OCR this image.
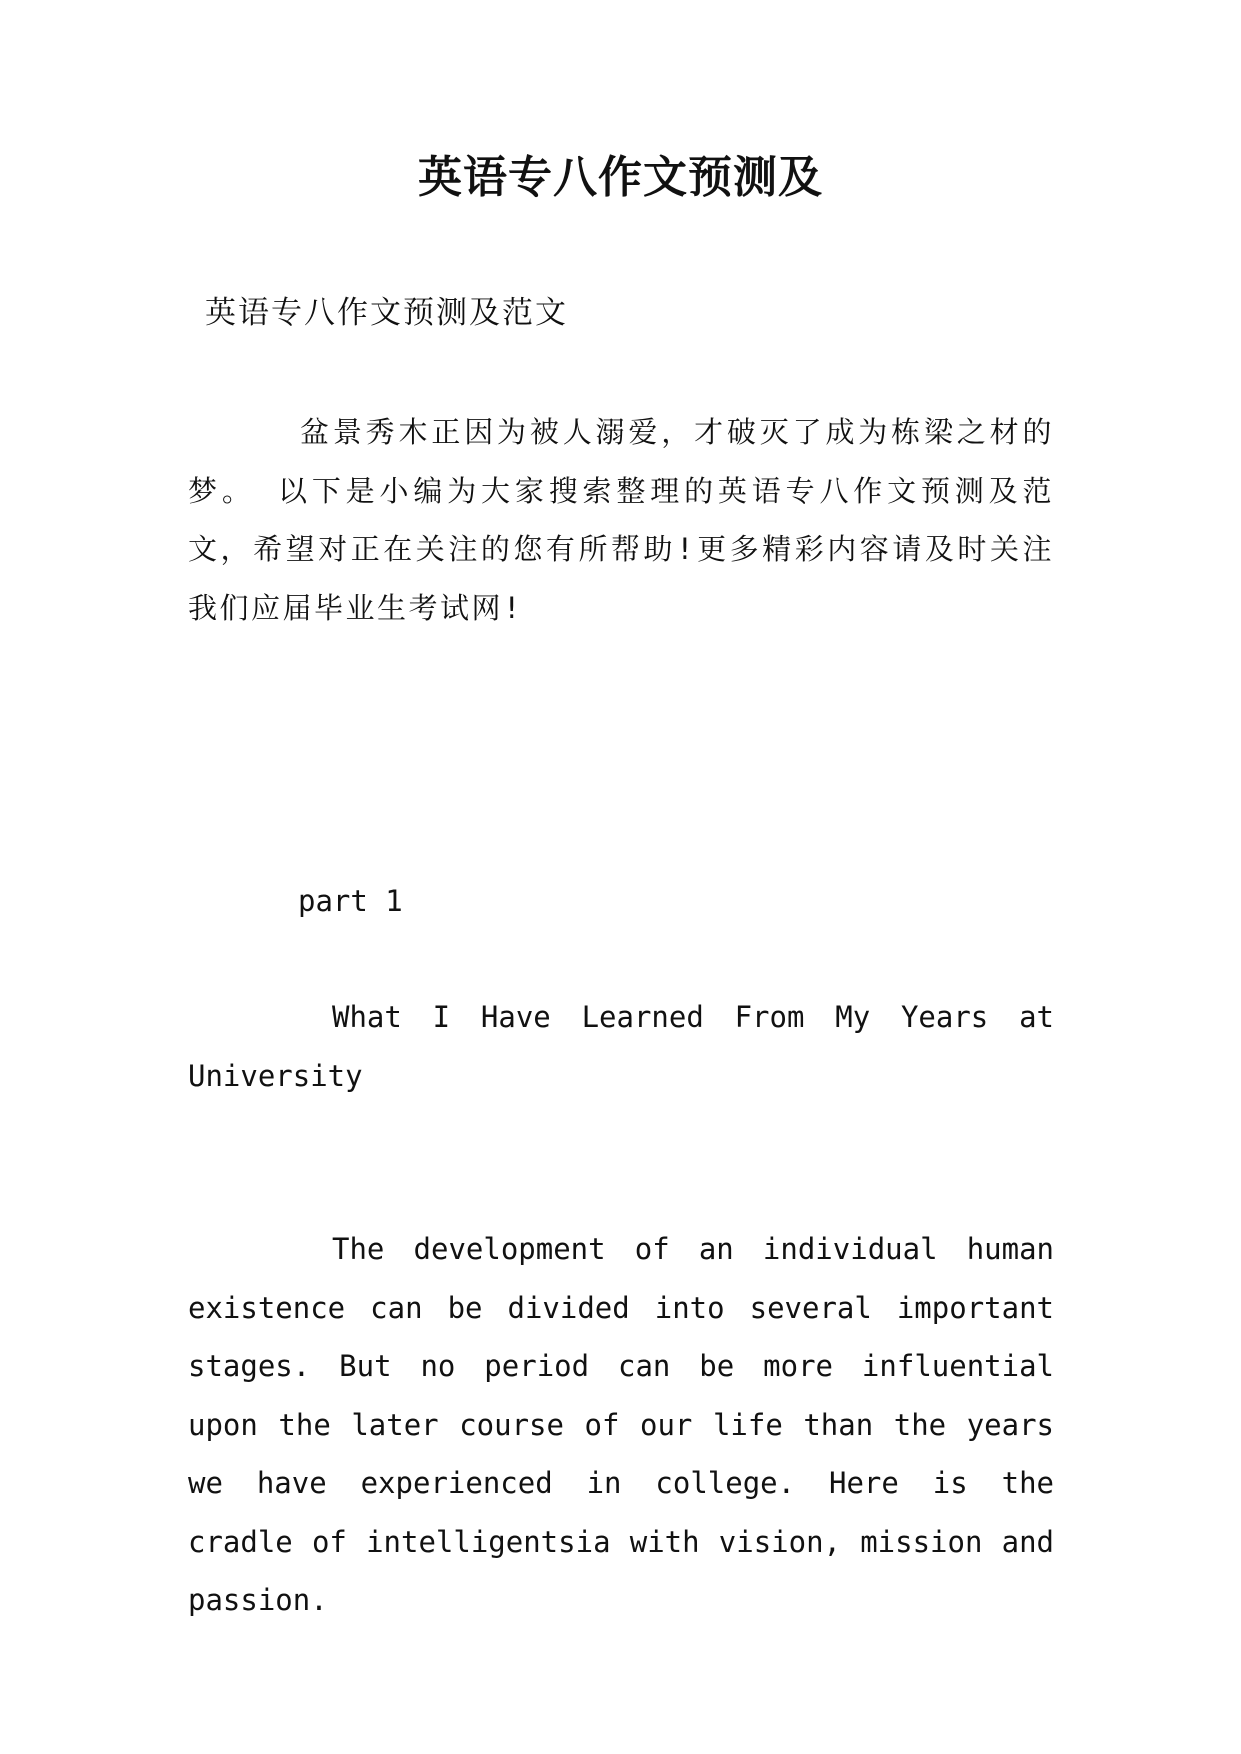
英语专八作文预测及

英语专八作文预测及范文

盆景秀木正因为被人溺爱，才破灭了成为栋梁之材的梦。 以下是小编为大家搜索整理的英语专八作文预测及范文，希望对正在关注的您有所帮助!更多精彩内容请及时关注我们应届毕业生考试网!

part 1

What I Have Learned From My Years at University

The development of an individual human existence can be divided into several important stages. But no period can be more influential upon the later course of our life than the years we have experienced in college. Here is the cradle of intelligentsia with vision, mission and passion.
